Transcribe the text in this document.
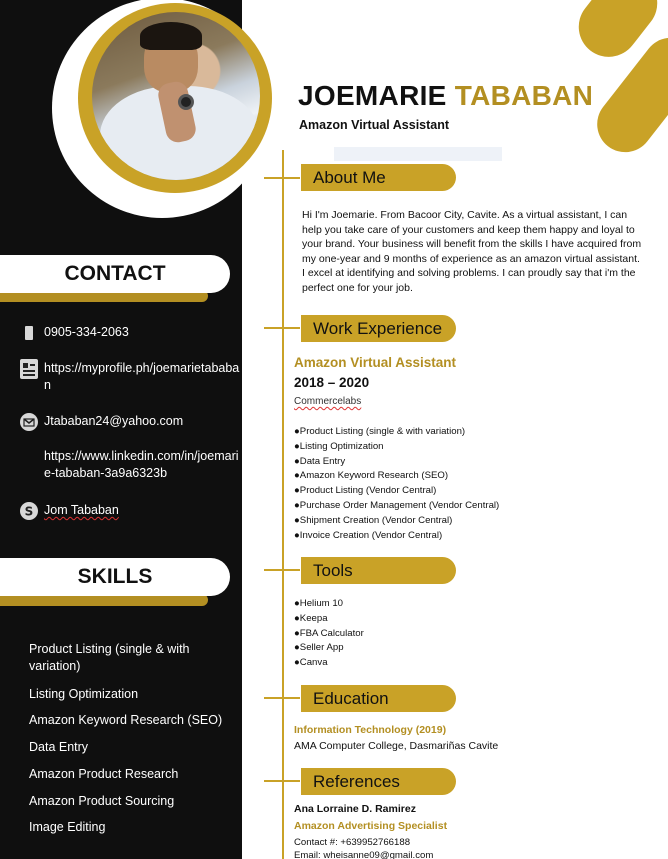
CONTACT
0905-334-2063
https://myprofile.ph/joemarietababan
Jtababan24@yahoo.com
https://www.linkedin.com/in/joemarie-tababan-3a9a6323b
S Jom Tababan
SKILLS
Product Listing (single & with variation)
Listing Optimization
Amazon Keyword Research (SEO)
Data Entry
Amazon Product Research
Amazon Product Sourcing
Image Editing
JOEMARIE TABABAN
Amazon Virtual Assistant
About Me
Hi I'm Joemarie. From Bacoor City, Cavite. As a virtual assistant, I can help you take care of your customers and keep them happy and loyal to your brand. Your business will benefit from the skills I have acquired from my one-year and 9 months of experience as an amazon virtual assistant. I excel at identifying and solving problems. I can proudly say that i'm the perfect one for your job.
Work Experience
Amazon Virtual Assistant
2018 – 2020
Commercelabs
●Product Listing (single & with variation)
●Listing Optimization
●Data Entry
●Amazon Keyword Research (SEO)
●Product Listing (Vendor Central)
●Purchase Order Management (Vendor Central)
●Shipment Creation (Vendor Central)
●Invoice Creation (Vendor Central)
Tools
●Helium 10
●Keepa
●FBA Calculator
●Seller App
●Canva
Education
Information Technology (2019)
AMA Computer College, Dasmariñas Cavite
References
Ana Lorraine D. Ramirez
Amazon Advertising Specialist
Contact #: +639952766188
Email: wheisanne09@gmail.com
